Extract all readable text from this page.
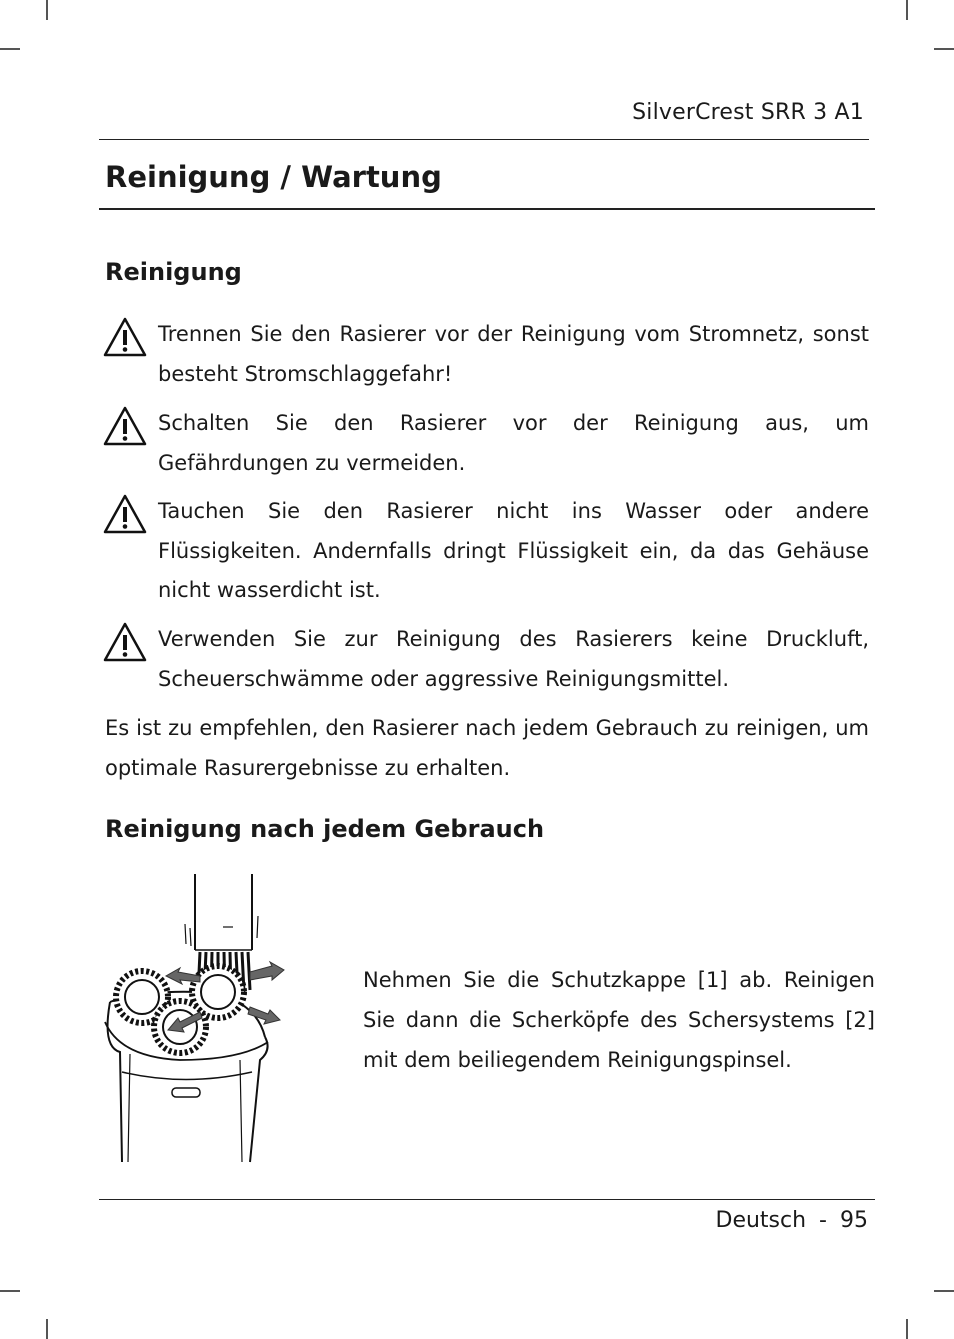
SilverCrest SRR 3 A1
Reinigung / Wartung
Reinigung

Trennen Sie den Rasierer vor der Reinigung vom Stromnetz, sonst besteht Stromschlaggefahr!

Schalten Sie den Rasierer vor der Reinigung aus, um Gefährdungen zu vermeiden.

Tauchen Sie den Rasierer nicht ins Wasser oder andere Flüssigkeiten. Andernfalls dringt Flüssigkeit ein, da das Gehäuse nicht wasserdicht ist.

Verwenden Sie zur Reinigung des Rasierers keine Druckluft, Scheuerschwämme oder aggressive Reinigungsmittel.

Es ist zu empfehlen, den Rasierer nach jedem Gebrauch zu reinigen, um optimale Rasurergebnisse zu erhalten.

Reinigung nach jedem Gebrauch

Nehmen Sie die Schutzkappe [1] ab. Reinigen Sie dann die Scherköpfe des Schersystems [2] mit dem beiliegendem Reinigungspinsel.

Deutsch - 95
